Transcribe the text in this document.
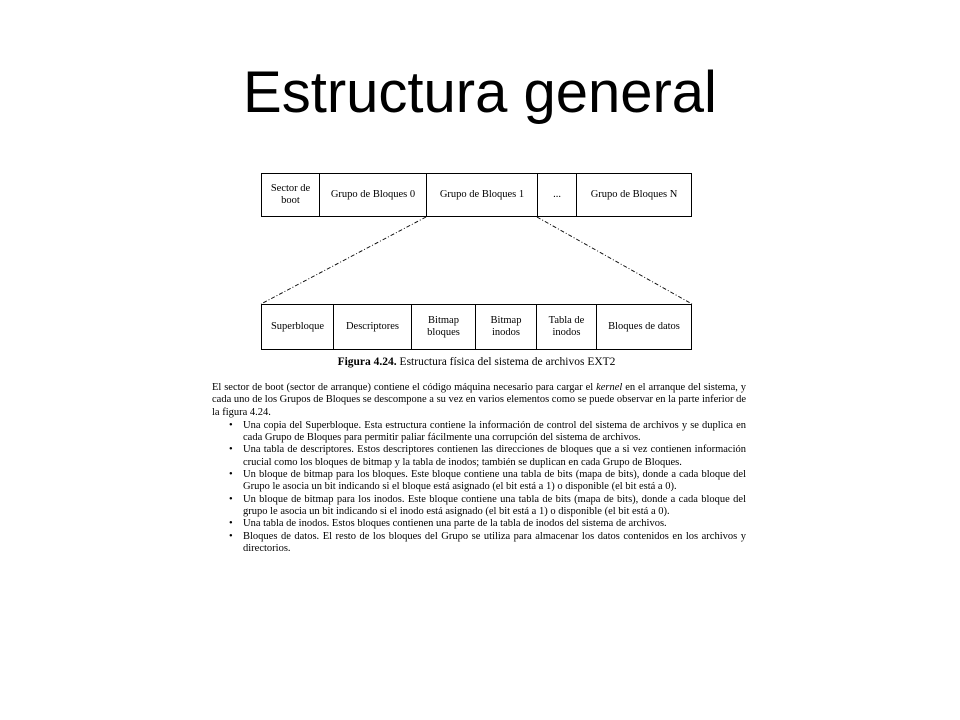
Estructura general
Sector de boot
Grupo de Bloques 0	Grupo de Bloques 1	...	Grupo de Bloques N
Superbloque	Descriptores
Bitmap bloques
Bitmap inodos
Tabla de inodos
Bloques de datos
Figura 4.24. Estructura física del sistema de archivos EXT2

El sector de boot (sector de arranque) contiene el código máquina necesario para cargar el kernel en el arranque del sistema, y cada uno de los Grupos de Bloques se descompone a su vez en varios elementos como se puede observar en la parte inferior de la figura 4.24.

• Una copia del Superbloque. Esta estructura contiene la información de control del sistema de archivos y se duplica en cada Grupo de Bloques para permitir paliar fácilmente una corrupción del sistema de archivos.
• Una tabla de descriptores. Estos descriptores contienen las direcciones de bloques que a si vez contienen información crucial como los bloques de bitmap y la tabla de inodos; también se duplican en cada Grupo de Bloques.
• Un bloque de bitmap para los bloques. Este bloque contiene una tabla de bits (mapa de bits), donde a cada bloque del Grupo le asocia un bit indicando si el bloque está asignado (el bit está a 1) o disponible (el bit está a 0).
• Un bloque de bitmap para los inodos. Este bloque contiene una tabla de bits (mapa de bits), donde a cada bloque del grupo le asocia un bit indicando si el inodo está asignado (el bit está a 1) o disponible (el bit está a 0).
• Una tabla de inodos. Estos bloques contienen una parte de la tabla de inodos del sistema de archivos.
• Bloques de datos. El resto de los bloques del Grupo se utiliza para almacenar los datos contenidos en los archivos y directorios.
